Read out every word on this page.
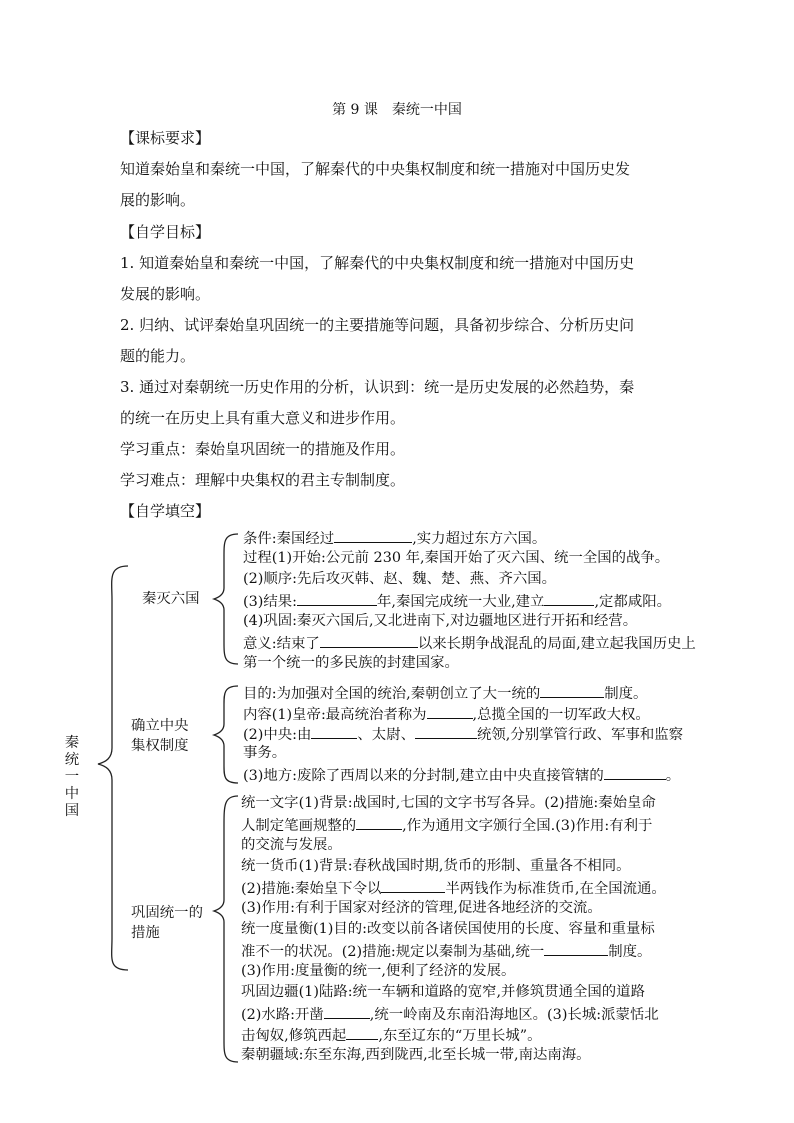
第 9 课　秦统一中国
【课标要求】
知道秦始皇和秦统一中国，了解秦代的中央集权制度和统一措施对中国历史发
展的影响。
【自学目标】
1. 知道秦始皇和秦统一中国，了解秦代的中央集权制度和统一措施对中国历史
发展的影响。
2. 归纳、试评秦始皇巩固统一的主要措施等问题，具备初步综合、分析历史问
题的能力。
3. 通过对秦朝统一历史作用的分析，认识到：统一是历史发展的必然趋势，秦
的统一在历史上具有重大意义和进步作用。
学习重点：秦始皇巩固统一的措施及作用。
学习难点：理解中央集权的君主专制制度。
【自学填空】
秦
统
一
中
国
秦灭六国
确立中央
集权制度
巩固统一的
措施
条件:秦国经过	,实力超过东方六国。
过程(1)开始:公元前 230 年,秦国开始了灭六国、统一全国的战争。
(2)顺序:先后攻灭韩、赵、魏、楚、燕、齐六国。
(3)结果:	年,秦国完成统一大业,建立	,定都咸阳。
(4)巩固:秦灭六国后,又北进南下,对边疆地区进行开拓和经营。
意义:结束了	以来长期争战混乱的局面,建立起我国历史上
第一个统一的多民族的封建国家。
目的:为加强对全国的统治,秦朝创立了大一统的	制度。
内容(1)皇帝:最高统治者称为	,总揽全国的一切军政大权。
(2)中央:由	、太尉、	统领,分别掌管行政、军事和监察
事务。
(3)地方:废除了西周以来的分封制,建立由中央直接管辖的	。
统一文字(1)背景:战国时,七国的文字书写各异。(2)措施:秦始皇命
人制定笔画规整的	,作为通用文字颁行全国.(3)作用:有利于
的交流与发展。
统一货币(1)背景:春秋战国时期,货币的形制、重量各不相同。
(2)措施:秦始皇下令以	半两钱作为标准货币,在全国流通。
(3)作用:有利于国家对经济的管理,促进各地经济的交流。
统一度量衡(1)目的:改变以前各诸侯国使用的长度、容量和重量标
准不一的状况。(2)措施:规定以秦制为基础,统一	制度。
(3)作用:度量衡的统一,便利了经济的发展。
巩固边疆(1)陆路:统一车辆和道路的宽窄,并修筑贯通全国的道路
(2)水路:开凿	,统一岭南及东南沿海地区。(3)长城:派蒙恬北
击匈奴,修筑西起 ,东至辽东的“万里长城”。
秦朝疆域:东至东海,西到陇西,北至长城一带,南达南海。
